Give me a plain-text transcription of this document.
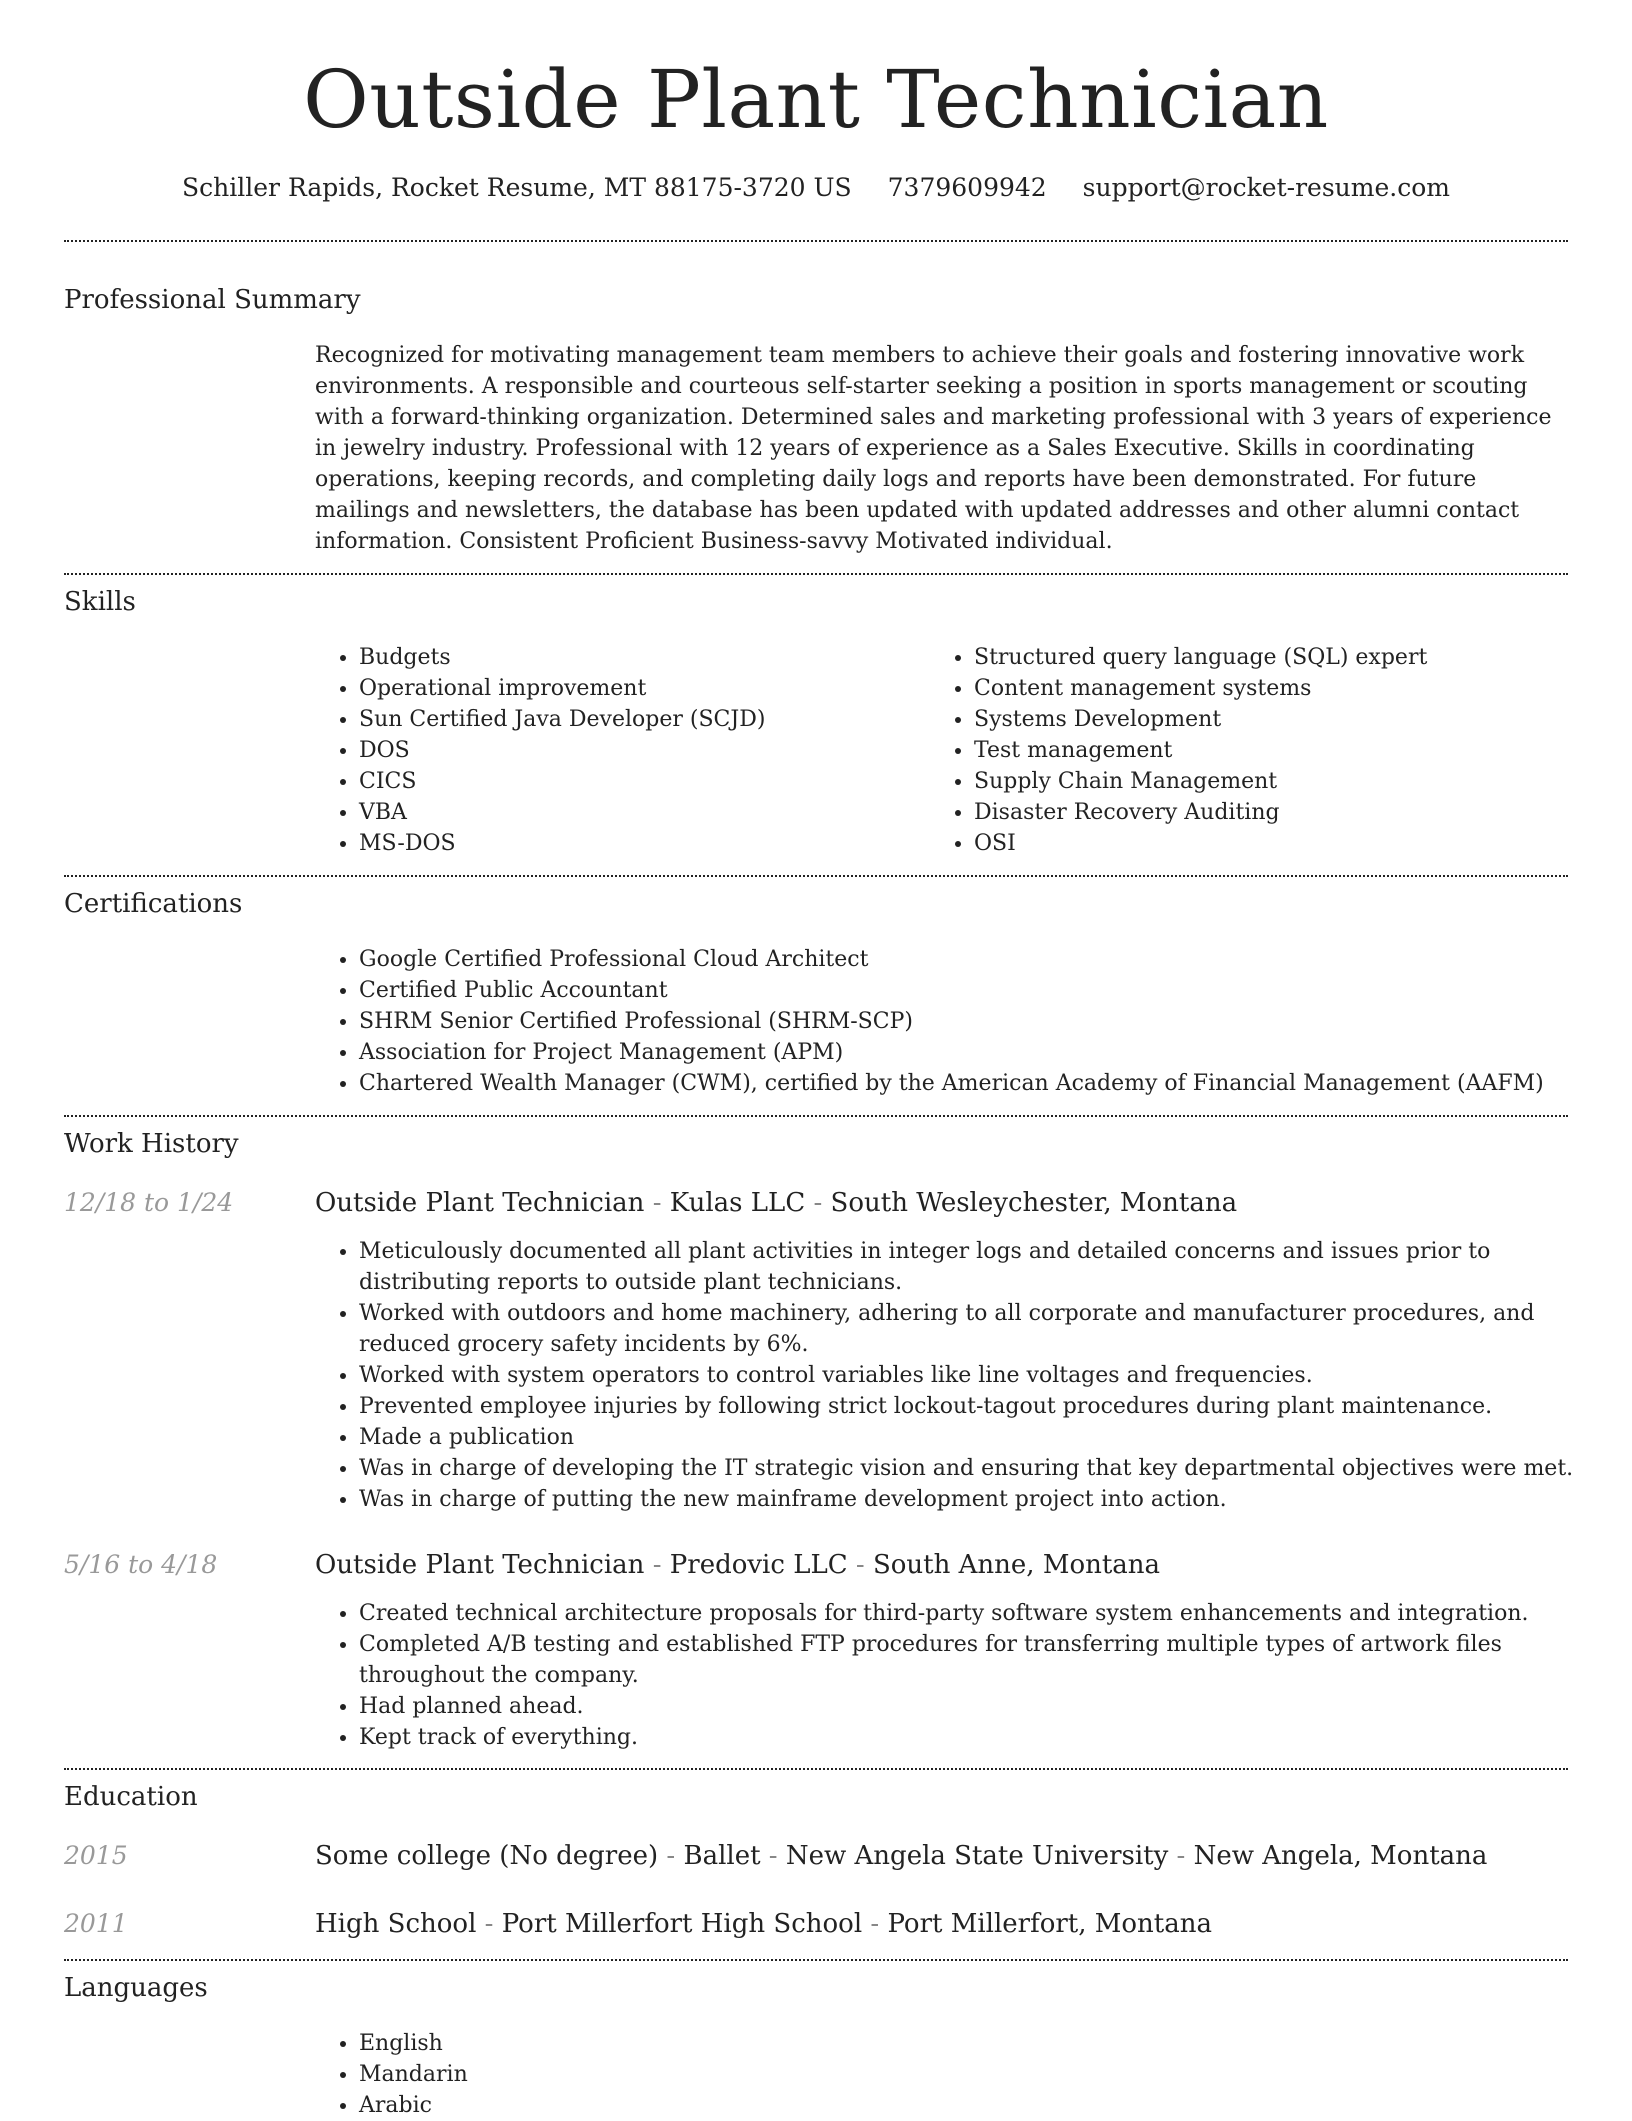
Outside Plant Technician
Schiller Rapids, Rocket Resume, MT 88175-3720 US 7379609942 support@rocket-resume.com
Professional Summary

Recognized for motivating management team members to achieve their goals and fostering innovative work environments. A responsible and courteous self-starter seeking a position in sports management or scouting with a forward-thinking organization. Determined sales and marketing professional with 3 years of experience in jewelry industry. Professional with 12 years of experience as a Sales Executive. Skills in coordinating operations, keeping records, and completing daily logs and reports have been demonstrated. For future mailings and newsletters, the database has been updated with updated addresses and other alumni contact information. Consistent Proficient Business-savvy Motivated individual.

Skills
• Budgets
• Operational improvement
• Sun Certified Java Developer (SCJD)
• DOS
• CICS
• VBA
• MS-DOS
• Structured query language (SQL) expert
• Content management systems
• Systems Development
• Test management
• Supply Chain Management
• Disaster Recovery Auditing
• OSI
Certifications
• Google Certified Professional Cloud Architect
• Certified Public Accountant
• SHRM Senior Certified Professional (SHRM-SCP)
• Association for Project Management (APM)
• Chartered Wealth Manager (CWM), certified by the American Academy of Financial Management (AAFM)
Work History
12/18 to 1/24	Outside Plant Technician - Kulas LLC - South Wesleychester, Montana
• Meticulously documented all plant activities in integer logs and detailed concerns and issues prior to distributing reports to outside plant technicians.
• Worked with outdoors and home machinery, adhering to all corporate and manufacturer procedures, and reduced grocery safety incidents by 6%.
• Worked with system operators to control variables like line voltages and frequencies.
• Prevented employee injuries by following strict lockout-tagout procedures during plant maintenance.
• Made a publication
• Was in charge of developing the IT strategic vision and ensuring that key departmental objectives were met.
• Was in charge of putting the new mainframe development project into action.
5/16 to 4/18	Outside Plant Technician - Predovic LLC - South Anne, Montana
• Created technical architecture proposals for third-party software system enhancements and integration.
• Completed A/B testing and established FTP procedures for transferring multiple types of artwork files throughout the company.
• Had planned ahead.
• Kept track of everything.
Education
2015	Some college (No degree) - Ballet - New Angela State University - New Angela, Montana
2011	High School - Port Millerfort High School - Port Millerfort, Montana
Languages
• English
• Mandarin
• Arabic
